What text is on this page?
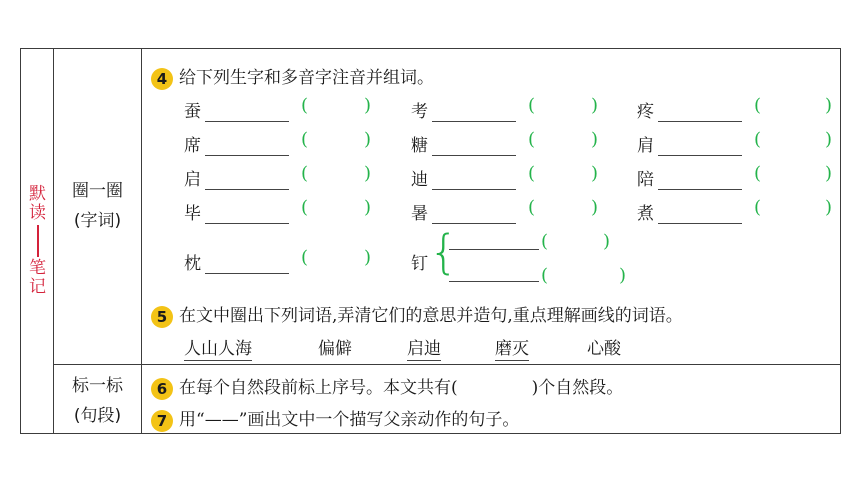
默
读
笔
记
圈一圈
(字词)
标一标
(句段)
4 给下列生字和多音字注音并组词。
蚕	(	) 考	(	) 疼	(	)
席	(	) 糖	(	) 肩	(	)
启	(	) 迪	(	) 陪	(	)
毕	(	) 暑	(	) 煮	(	)
枕	(	) 钉 {	(	)
(	)
5 在文中圈出下列词语,弄清它们的意思并造句,重点理解画线的词语。
人山人海	偏僻	启迪	磨灭	心酸
6 在每个自然段前标上序号。本文共有(	)个自然段。
7 用“——”画出文中一个描写父亲动作的句子。
